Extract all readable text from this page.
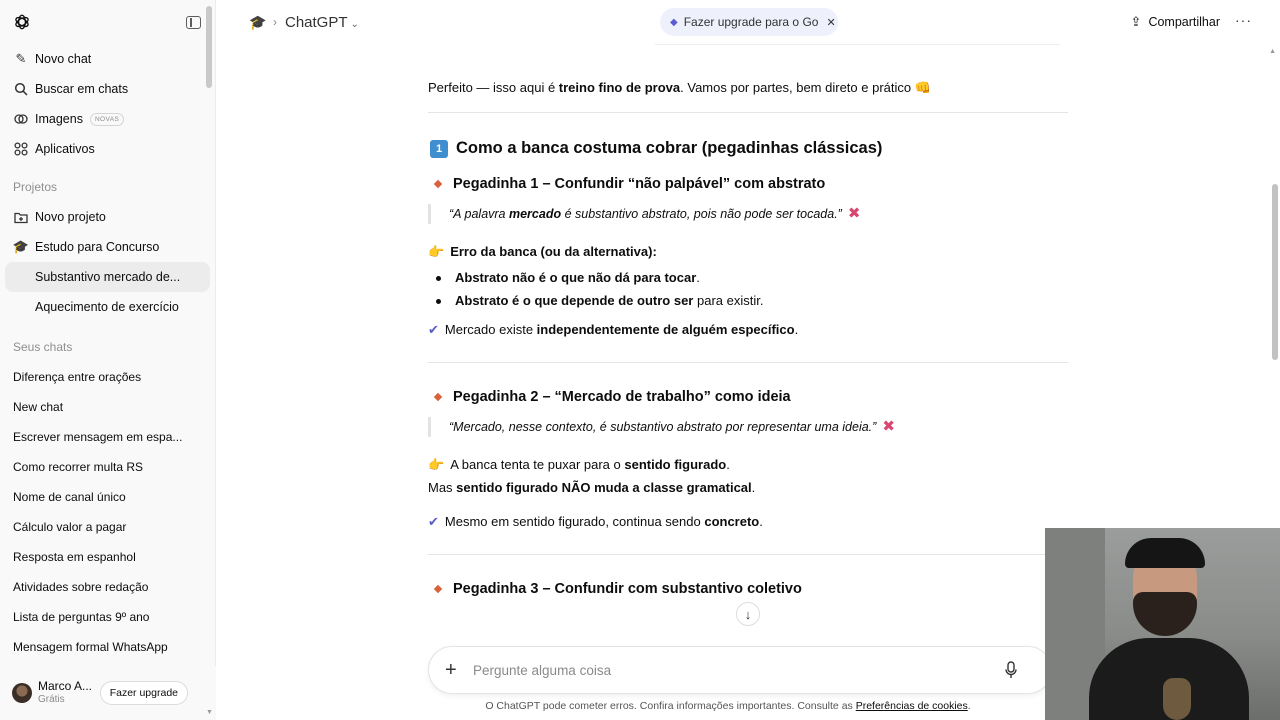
✎ Novo chat
Buscar em chats
Imagens	NOVAS
Aplicativos
Projetos
Novo projeto
🎓 Estudo para Concurso
Substantivo mercado de...
Aquecimento de exercício
Seus chats
Diferença entre orações
New chat
Escrever mensagem em espa...
Como recorrer multa RS
Nome de canal único
Cálculo valor a pagar
Resposta em espanhol
Atividades sobre redação
Lista de perguntas 9º ano
Mensagem formal WhatsApp
Marco A...
Grátis
Fazer upgrade
▼
🎓 › ChatGPT ⌄	◆ Fazer upgrade para o Go ✕	⇪ Compartilhar ···
▲

Perfeito — isso aqui é treino fino de prova. Vamos por partes, bem direto e prático 👊

1 Como a banca costuma cobrar (pegadinhas clássicas)
Pegadinha 1 – Confundir “não palpável” com abstrato
“A palavra mercado é substantivo abstrato, pois não pode ser tocada.” ✖

👉 Erro da banca (ou da alternativa):

Abstrato não é o que não dá para tocar.
Abstrato é o que depende de outro ser para existir.

✔ Mercado existe independentemente de alguém específico.

Pegadinha 2 – “Mercado de trabalho” como ideia
“Mercado, nesse contexto, é substantivo abstrato por representar uma ideia.” ✖

👉 A banca tenta te puxar para o sentido figurado.

Mas sentido figurado NÃO muda a classe gramatical.

✔ Mesmo em sentido figurado, continua sendo concreto.

Pegadinha 3 – Confundir com substantivo coletivo
↓
+
Pergunte alguma coisa
O ChatGPT pode cometer erros. Confira informações importantes. Consulte as Preferências de cookies.
